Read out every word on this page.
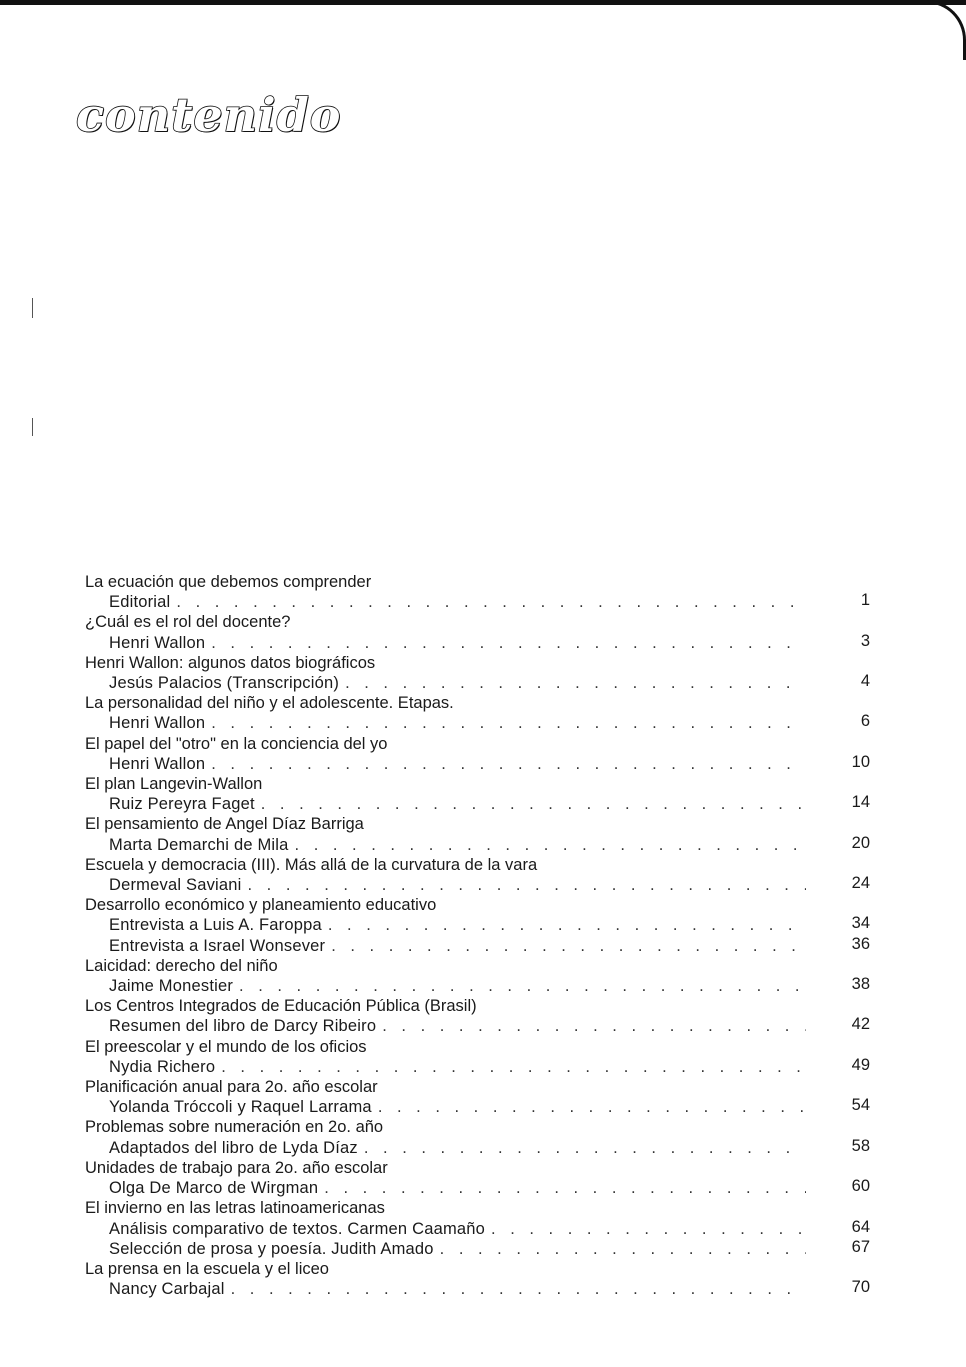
contenido
La ecuación que debemos comprender
Editorial . . .	1
¿Cuál es el rol del docente?
Henri Wallon . . .	3
Henri Wallon: algunos datos biográficos
Jesús Palacios (Transcripción) . . .	4
La personalidad del niño y el adolescente. Etapas.
Henri Wallon . . .	6
El papel del "otro" en la conciencia del yo
Henri Wallon . . .	10
El plan Langevin-Wallon
Ruiz Pereyra Faget . . .	14
El pensamiento de Angel Díaz Barriga
Marta Demarchi de Mila . . .	20
Escuela y democracia (III). Más allá de la curvatura de la vara
Dermeval Saviani . . .	24
Desarrollo económico y planeamiento educativo
Entrevista a Luis A. Faroppa . . .	34
Entrevista a Israel Wonsever . . .	36
Laicidad: derecho del niño
Jaime Monestier . . .	38
Los Centros Integrados de Educación Pública (Brasil)
Resumen del libro de Darcy Ribeiro . . .	42
El preescolar y el mundo de los oficios
Nydia Richero . . .	49
Planificación anual para 2o. año escolar
Yolanda Tróccoli y Raquel Larrama . . .	54
Problemas sobre numeración en 2o. año
Adaptados del libro de Lyda Díaz . . .	58
Unidades de trabajo para 2o. año escolar
Olga De Marco de Wirgman . . .	60
El invierno en las letras latinoamericanas
Análisis comparativo de textos. Carmen Caamaño . . .	64
Selección de prosa y poesía. Judith Amado . . .	67
La prensa en la escuela y el liceo
Nancy Carbajal . . .	70
